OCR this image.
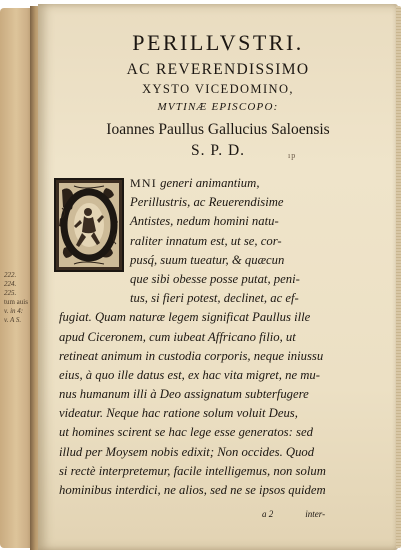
222.
224.
225.
tum auis
v. in 4:
v. A S.
PERILLVSTRI.
AC REVERENDISSIMO
XYSTO VICEDOMINO,
MVTINÆ EPISCOPO:
Ioannes Paullus Gallucius Saloensis
S. P. D.	ıp
MNI generi animantium,
Perillustris, ac Reuerendisime
Antistes, nedum homini natu-
raliter innatum est, ut se, cor-
pusq́, suum tueatur, & quæcun
que sibi obesse posse putat, peni-
tus, si fieri potest, declinet, ac ef-
fugiat. Quam naturæ legem significat Paullus ille
apud Ciceronem, cum iubeat Affricano filio, ut
retineat animum in custodia corporis, neque iniussu
eius, à quo ille datus est, ex hac vita migret, ne mu-
nus humanum illi à Deo assignatum subterfugere
videatur. Neque hac ratione solum voluit Deus,
ut homines scirent se hac lege esse generatos: sed
illud per Moysem nobis edixit; Non occides. Quod
si rectè interpretemur, facile intelligemus, non solum
hominibus interdici, ne alios, sed ne se ipsos quidem
a 2	inter-
